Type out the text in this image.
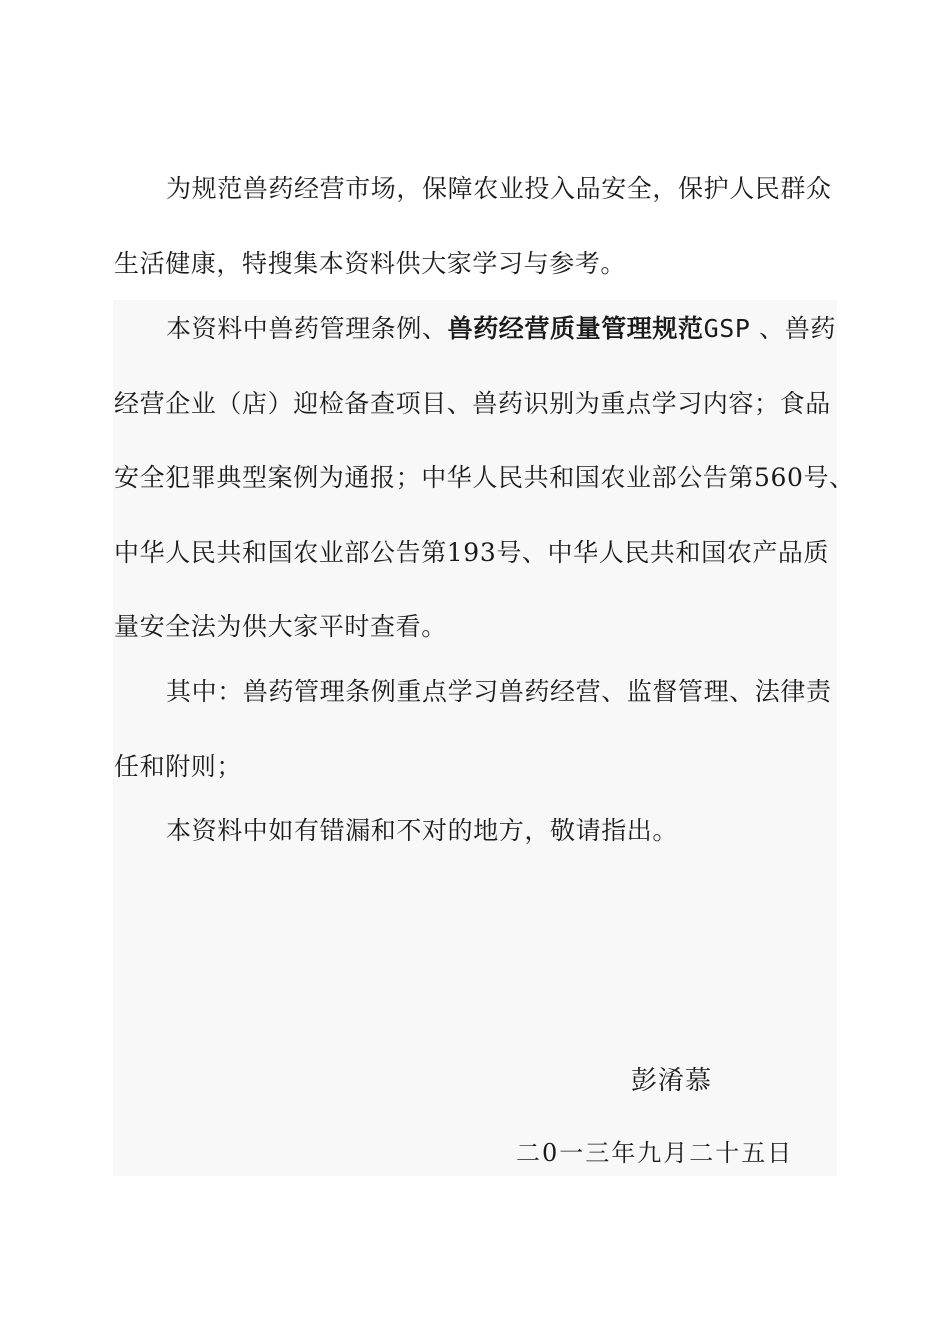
为规范兽药经营市场，保障农业投入品安全，保护人民群众
生活健康，特搜集本资料供大家学习与参考。
本资料中兽药管理条例、兽药经营质量管理规范GSP 、兽药
经营企业（店）迎检备查项目、兽药识别为重点学习内容；食品
安全犯罪典型案例为通报；中华人民共和国农业部公告第560号、
中华人民共和国农业部公告第193号、中华人民共和国农产品质
量安全法为供大家平时查看。
其中：兽药管理条例重点学习兽药经营、监督管理、法律责
任和附则；
本资料中如有错漏和不对的地方，敬请指出。
彭淆慕
二0一三年九月二十五日
